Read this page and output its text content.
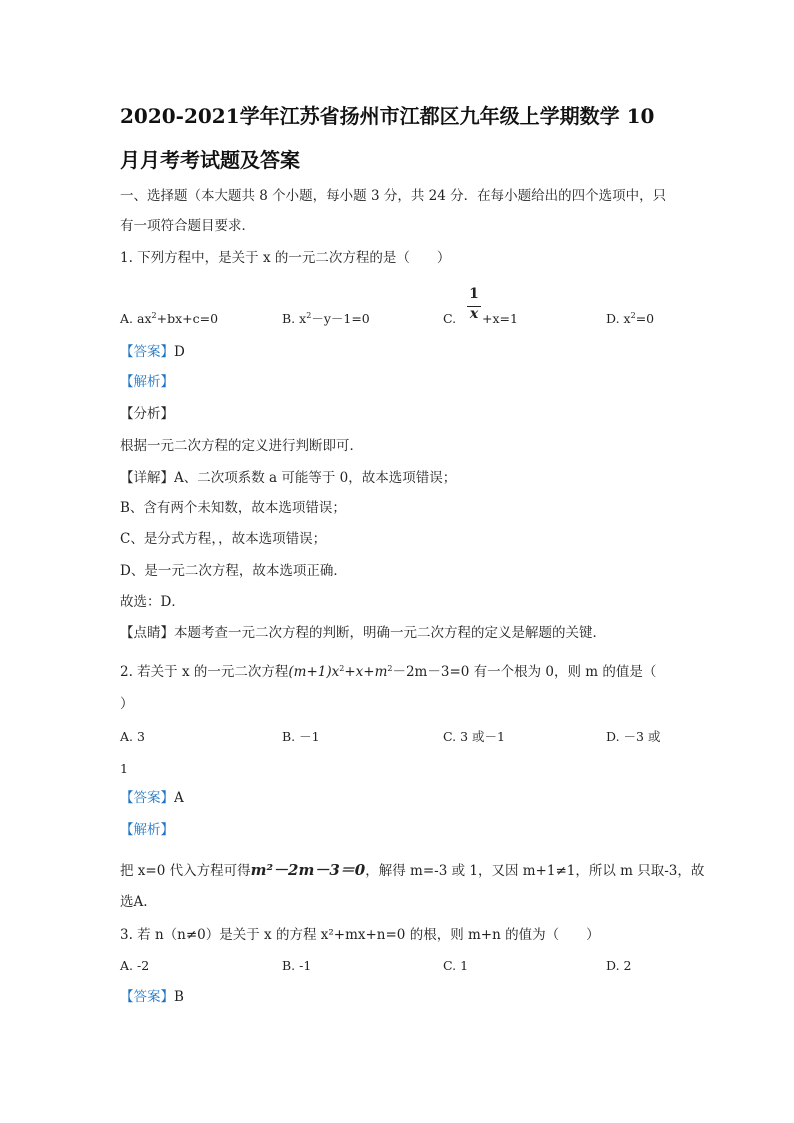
2020-2021学年江苏省扬州市江都区九年级上学期数学 10
月月考考试题及答案
一、选择题（本大题共 8 个小题，每小题 3 分，共 24 分．在每小题给出的四个选项中，只
有一项符合题目要求．
1. 下列方程中，是关于 x 的一元二次方程的是（　　）
A. $ax^2+bx+c=0$	B. $x^2-y-1=0$	C.
1
x +x=1	D. $x^2=0$
【答案】D
【解析】
【分析】
根据一元二次方程的定义进行判断即可．
【详解】A、二次项系数 a 可能等于 0，故本选项错误；
B、含有两个未知数，故本选项错误；
C、是分式方程，，故本选项错误；
D、是一元二次方程，故本选项正确．
故选：D．
【点睛】本题考查一元二次方程的判断，明确一元二次方程的定义是解题的关键．
2. 若关于 x 的一元二次方程$(m+1)x^2+x+m^2-2m-3=0$ 有一个根为 0，则 m 的值是（
）
A. 3	B. －1	C. 3 或－1	D. －3 或
1
【答案】A
【解析】
把 x=0 代入方程可得m²－2m－3＝0，解得 m=-3 或 1，又因 m+1≠1，所以 m 只取-3，故
选A.
3. 若 n（n≠0）是关于 x 的方程 x²+mx+n=0 的根，则 m+n 的值为（　　）
A. -2	B. -1	C. 1	D. 2
【答案】B
